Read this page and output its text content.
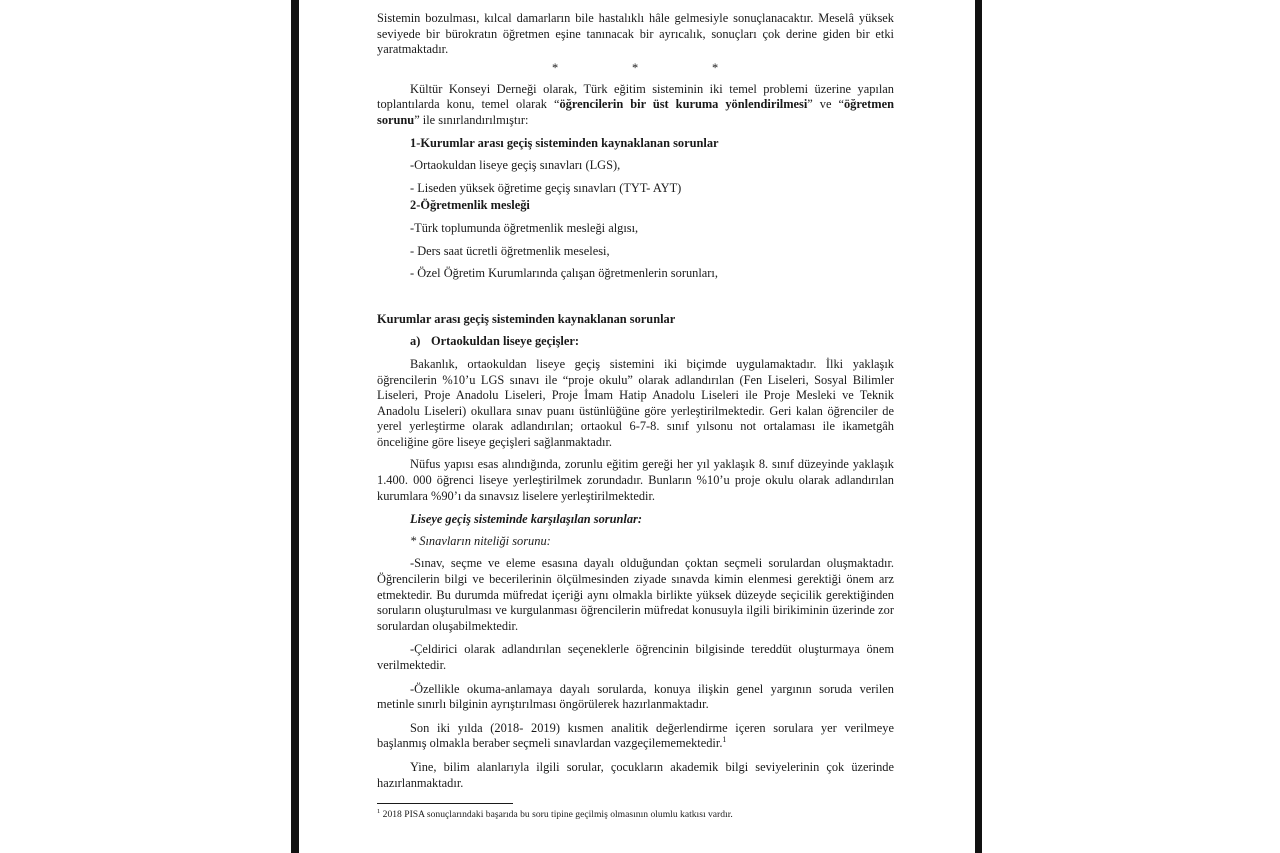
Sistemin bozulması, kılcal damarların bile hastalıklı hâle gelmesiyle sonuçlanacaktır. Meselâ yüksek seviyede bir bürokratın öğretmen eşine tanınacak bir ayrıcalık, sonuçları çok derine giden bir etki yaratmaktadır.

*	*	*

Kültür Konseyi Derneği olarak, Türk eğitim sisteminin iki temel problemi üzerine yapılan toplantılarda konu, temel olarak “öğrencilerin bir üst kuruma yönlendirilmesi” ve “öğretmen sorunu” ile sınırlandırılmıştır:

1-Kurumlar arası geçiş sisteminden kaynaklanan sorunlar

-Ortaokuldan liseye geçiş sınavları (LGS),

- Liseden yüksek öğretime geçiş sınavları (TYT- AYT)

2-Öğretmenlik mesleği

-Türk toplumunda öğretmenlik mesleği algısı,

- Ders saat ücretli öğretmenlik meselesi,

- Özel Öğretim Kurumlarında çalışan öğretmenlerin sorunları,

Kurumlar arası geçiş sisteminden kaynaklanan sorunlar

a) Ortaokuldan liseye geçişler:

Bakanlık, ortaokuldan liseye geçiş sistemini iki biçimde uygulamaktadır. İlki yaklaşık öğrencilerin %10’u LGS sınavı ile “proje okulu” olarak adlandırılan (Fen Liseleri, Sosyal Bilimler Liseleri, Proje Anadolu Liseleri, Proje İmam Hatip Anadolu Liseleri ile Proje Mesleki ve Teknik Anadolu Liseleri) okullara sınav puanı üstünlüğüne göre yerleştirilmektedir. Geri kalan öğrenciler de yerel yerleştirme olarak adlandırılan; ortaokul 6-7-8. sınıf yılsonu not ortalaması ile ikametgâh önceliğine göre liseye geçişleri sağlanmaktadır.

Nüfus yapısı esas alındığında, zorunlu eğitim gereği her yıl yaklaşık 8. sınıf düzeyinde yaklaşık 1.400. 000 öğrenci liseye yerleştirilmek zorundadır. Bunların %10’u proje okulu olarak adlandırılan kurumlara %90’ı da sınavsız liselere yerleştirilmektedir.

Liseye geçiş sisteminde karşılaşılan sorunlar:

* Sınavların niteliği sorunu:

-Sınav, seçme ve eleme esasına dayalı olduğundan çoktan seçmeli sorulardan oluşmaktadır. Öğrencilerin bilgi ve becerilerinin ölçülmesinden ziyade sınavda kimin elenmesi gerektiği önem arz etmektedir. Bu durumda müfredat içeriği aynı olmakla birlikte yüksek düzeyde seçicilik gerektiğinden soruların oluşturulması ve kurgulanması öğrencilerin müfredat konusuyla ilgili birikiminin üzerinde zor sorulardan oluşabilmektedir.

-Çeldirici olarak adlandırılan seçeneklerle öğrencinin bilgisinde tereddüt oluşturmaya önem verilmektedir.

-Özellikle okuma-anlamaya dayalı sorularda, konuya ilişkin genel yargının soruda verilen metinle sınırlı bilginin ayrıştırılması öngörülerek hazırlanmaktadır.

Son iki yılda (2018- 2019) kısmen analitik değerlendirme içeren sorulara yer verilmeye başlanmış olmakla beraber seçmeli sınavlardan vazgeçilememektedir.$^1$

Yine, bilim alanlarıyla ilgili sorular, çocukların akademik bilgi seviyelerinin çok üzerinde hazırlanmaktadır.

$^1$ 2018 PISA sonuçlarındaki başarıda bu soru tipine geçilmiş olmasının olumlu katkısı vardır.
